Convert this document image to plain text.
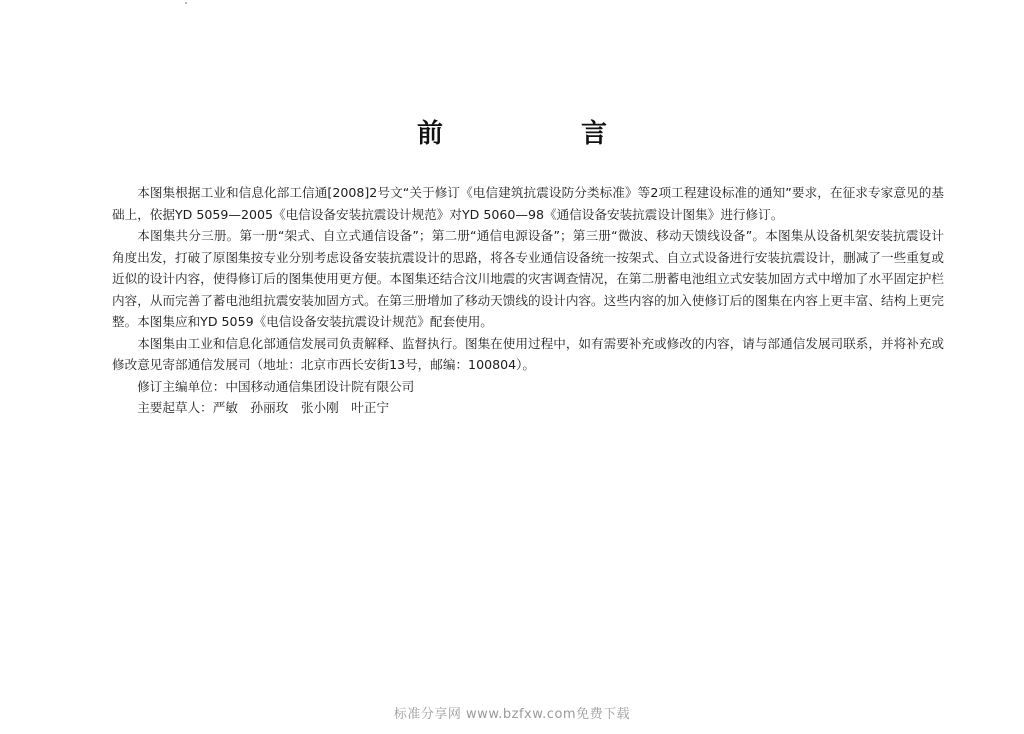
前　言

本图集根据工业和信息化部工信通[2008]2号文“关于修订《电信建筑抗震设防分类标准》等2项工程建设标准的通知”要求，在征求专家意见的基础上，依据YD 5059—2005《电信设备安装抗震设计规范》对YD 5060—98《通信设备安装抗震设计图集》进行修订。

本图集共分三册。第一册“架式、自立式通信设备”；第二册“通信电源设备”；第三册“微波、移动天馈线设备”。本图集从设备机架安装抗震设计角度出发，打破了原图集按专业分别考虑设备安装抗震设计的思路，将各专业通信设备统一按架式、自立式设备进行安装抗震设计，删减了一些重复或近似的设计内容，使得修订后的图集使用更方便。本图集还结合汶川地震的灾害调查情况，在第二册蓄电池组立式安装加固方式中增加了水平固定护栏内容，从而完善了蓄电池组抗震安装加固方式。在第三册增加了移动天馈线的设计内容。这些内容的加入使修订后的图集在内容上更丰富、结构上更完整。本图集应和YD 5059《电信设备安装抗震设计规范》配套使用。

本图集由工业和信息化部通信发展司负责解释、监督执行。图集在使用过程中，如有需要补充或修改的内容，请与部通信发展司联系，并将补充或修改意见寄部通信发展司（地址：北京市西长安街13号，邮编：100804）。

修订主编单位：中国移动通信集团设计院有限公司

主要起草人：严敏　孙丽玫　张小刚　叶正宁

标准分享网 www.bzfxw.com免费下载
